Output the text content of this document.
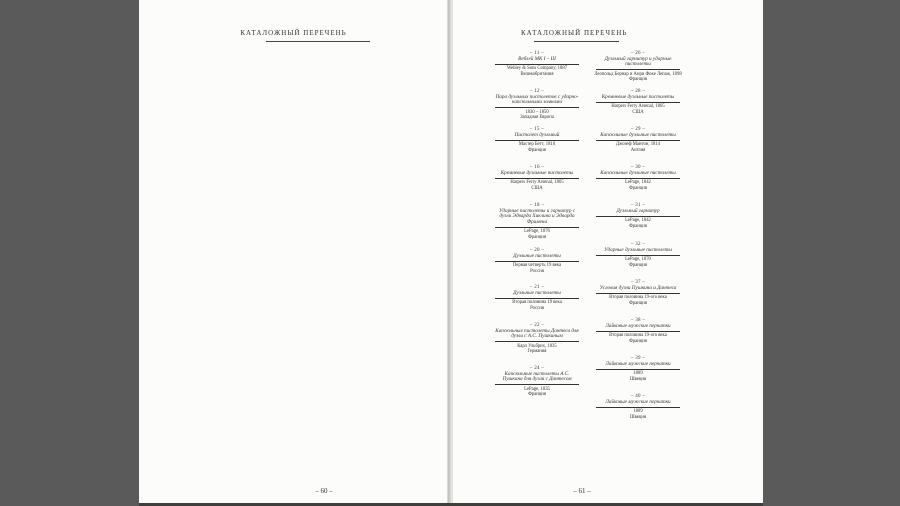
КАТАЛОЖНЫЙ ПЕРЕЧЕНЬ
– 60 –
КАТАЛОЖНЫЙ ПЕРЕЧЕНЬ
– 61 –
– 11 –
Веблей МК I – III
Webley & Sons Company, 1887
Великобритания
– 12 –
Пара дуэльных пистолетов с ударно-капсюльными замками
1830 – 1850
Западная Европа
– 15 –
Пистолет дуэльный
Мастер Бетт, 1810
Франция
– 16 –
Кремневые дуэльные пистолеты
Harpers Ferry Arsenal, 1805
США
– 18 –
Ударные пистолеты и гарнитур с дуэли Эдварда Хиклина и Эдварда Фримена
LePage, 1876
Франция
– 20 –
Дуэльные пистолеты
Первая четверть 19 века
Россия
– 21 –
Дуэльные пистолеты
Вторая половина 19 века
Россия
– 22 –
Капсюльные пистолеты Дантеса для дуэли с А.С. Пушкиным
Карл Ульбрих, 1835
Германия
– 24 –
Капсюльные пистолеты А.С. Пушкина для дуэли с Дантесом
LePage, 1835
Франция
– 26 –
Дуэльный гарнитур и ударные пистолеты
Леопольд Бернар и Анри Фоке Лепаж, 1898
Франция
– 28 –
Кремневые дуэльные пистолеты
Harpers Ferry Arsenal, 1805
США
– 29 –
Капсюльные дуэльные пистолеты
Джозеф Мантон, 1814
Англия
– 30 –
Капсюльные дуэльные пистолеты
LePage, 1842
Франция
– 31 –
Дуэльный гарнитур
LePage, 1842
Франция
– 32 –
Ударные дуэльные пистолеты
LePage, 1870
Франция
– 37 –
Условия дуэли Пушкина и Дантеса
Вторая половина 19-ого века
Франция
– 38 –
Лайковые мужские перчатки
Вторая половина 19-ого века
Франция
– 39 –
Лайковые мужские перчатки
1889
Швеция
– 40 –
Лайковые мужские перчатки
1889
Швеция
